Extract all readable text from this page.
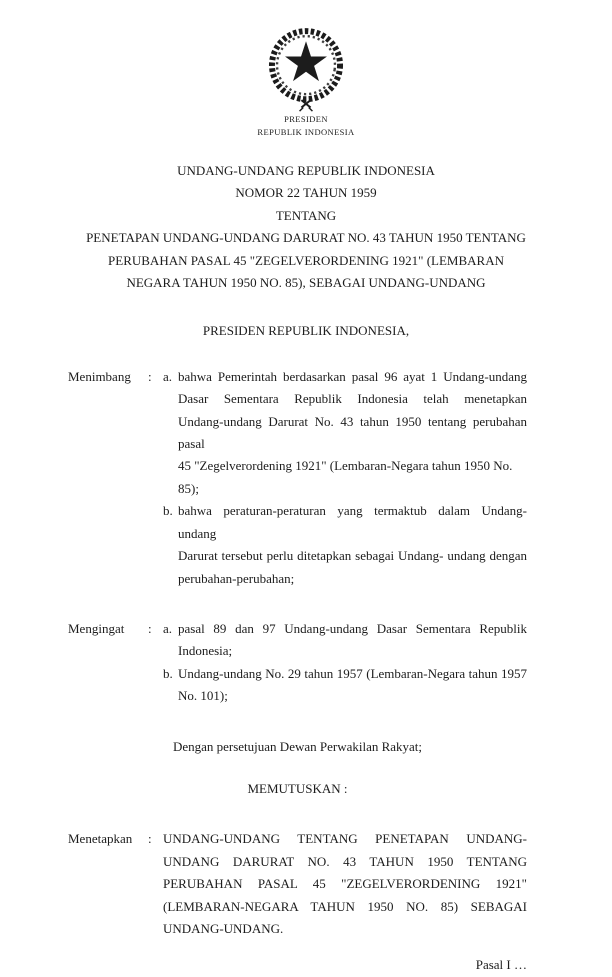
PRESIDEN
REPUBLIK INDONESIA
UNDANG-UNDANG REPUBLIK INDONESIA
NOMOR 22 TAHUN 1959
TENTANG
PENETAPAN UNDANG-UNDANG DARURAT NO. 43 TAHUN 1950 TENTANG
PERUBAHAN PASAL 45 "ZEGELVERORDENING 1921" (LEMBARAN
NEGARA TAHUN 1950 NO. 85), SEBAGAI UNDANG-UNDANG
PRESIDEN REPUBLIK INDONESIA,
Menimbang	: a. bahwa Pemerintah berdasarkan pasal 96 ayat 1 Undang-undang
Dasar Sementara Republik Indonesia telah menetapkan
Undang-undang Darurat No. 43 tahun 1950 tentang perubahan pasal
45 "Zegelverordening 1921" (Lembaran-Negara tahun 1950 No. 85);
b. bahwa peraturan-peraturan yang termaktub dalam Undang- undang
Darurat tersebut perlu ditetapkan sebagai Undang- undang dengan
perubahan-perubahan;
Mengingat	: a. pasal 89 dan 97 Undang-undang Dasar Sementara Republik
Indonesia;
b. Undang-undang No. 29 tahun 1957 (Lembaran-Negara tahun 1957
No. 101);
Dengan persetujuan Dewan Perwakilan Rakyat;
MEMUTUSKAN :
Menetapkan	: UNDANG-UNDANG TENTANG PENETAPAN UNDANG-
UNDANG DARURAT NO. 43 TAHUN 1950 TENTANG
PERUBAHAN PASAL 45 "ZEGELVERORDENING 1921"
(LEMBARAN-NEGARA TAHUN 1950 NO. 85) SEBAGAI
UNDANG-UNDANG.
Pasal I …
